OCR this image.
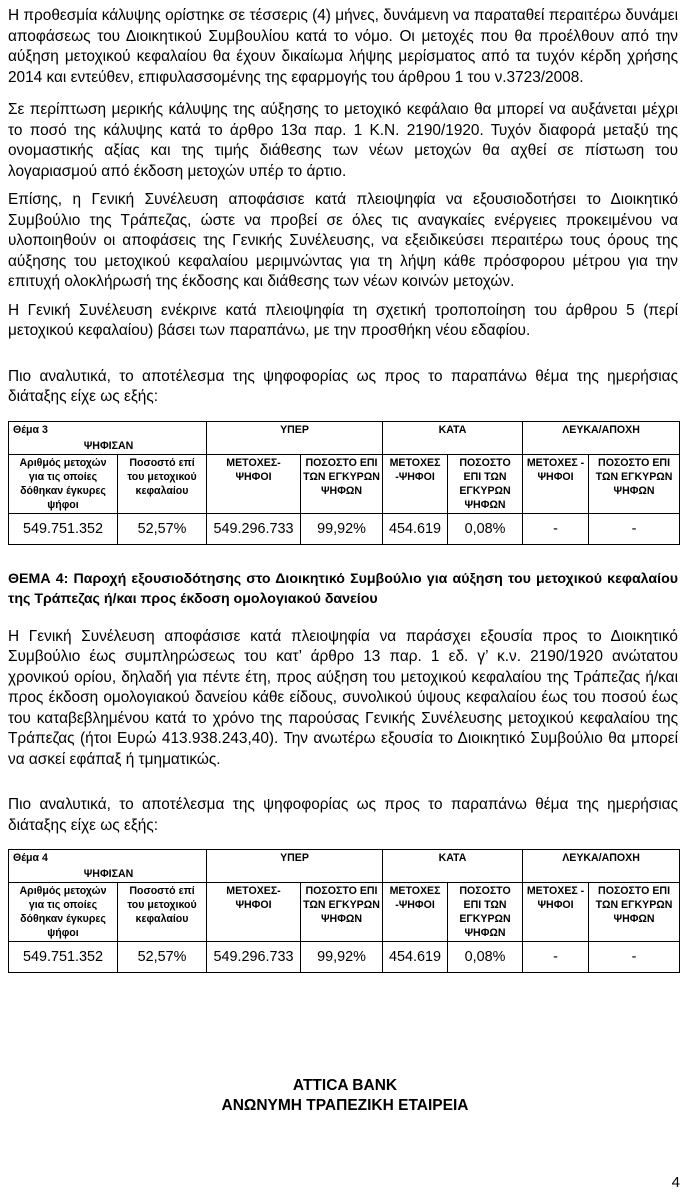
Η προθεσμία κάλυψης ορίστηκε σε τέσσερις (4) μήνες, δυνάμενη να παραταθεί περαιτέρω δυνάμει αποφάσεως του Διοικητικού Συμβουλίου κατά το νόμο. Οι μετοχές που θα προέλθουν από την αύξηση μετοχικού κεφαλαίου θα έχουν δικαίωμα λήψης μερίσματος από τα τυχόν κέρδη χρήσης 2014 και εντεύθεν, επιφυλασσομένης της εφαρμογής του άρθρου 1 του ν.3723/2008.

Σε περίπτωση μερικής κάλυψης της αύξησης το μετοχικό κεφάλαιο θα μπορεί να αυξάνεται μέχρι το ποσό της κάλυψης κατά το άρθρο 13α παρ. 1 Κ.Ν. 2190/1920. Τυχόν διαφορά μεταξύ της ονομαστικής αξίας και της τιμής διάθεσης των νέων μετοχών θα αχθεί σε πίστωση του λογαριασμού από έκδοση μετοχών υπέρ το άρτιο.

Επίσης, η Γενική Συνέλευση αποφάσισε κατά πλειοψηφία να εξουσιοδοτήσει το Διοικητικό Συμβούλιο της Τράπεζας, ώστε να προβεί σε όλες τις αναγκαίες ενέργειες προκειμένου να υλοποιηθούν οι αποφάσεις της Γενικής Συνέλευσης, να εξειδικεύσει περαιτέρω τους όρους της αύξησης του μετοχικού κεφαλαίου μεριμνώντας για τη λήψη κάθε πρόσφορου μέτρου για την επιτυχή ολοκλήρωσή της έκδοσης και διάθεσης των νέων κοινών μετοχών.

Η Γενική Συνέλευση ενέκρινε κατά πλειοψηφία τη σχετική τροποποίηση του άρθρου 5 (περί μετοχικού κεφαλαίου) βάσει των παραπάνω, με την προσθήκη νέου εδαφίου.

Πιο αναλυτικά, το αποτέλεσμα της ψηφοφορίας ως προς το παραπάνω θέμα της ημερήσιας διάταξης είχε ως εξής:

Θέμα 3
ΨΗΦΙΣΑΝ		ΥΠΕΡ		ΚΑΤΑ		ΛΕΥΚΑ/ΑΠΟΧΗ	
Αριθμός μετοχών για τις οποίες δόθηκαν έγκυρες ψήφοι	Ποσοστό επί του μετοχικού κεφαλαίου	ΜΕΤΟΧΕΣ-ΨΗΦΟΙ	ΠΟΣΟΣΤΟ ΕΠΙ ΤΩΝ ΕΓΚΥΡΩΝ ΨΗΦΩΝ	ΜΕΤΟΧΕΣ -ΨΗΦΟΙ	ΠΟΣΟΣΤΟ ΕΠΙ ΤΩΝ ΕΓΚΥΡΩΝ ΨΗΦΩΝ	ΜΕΤΟΧΕΣ - ΨΗΦΟΙ	ΠΟΣΟΣΤΟ ΕΠΙ ΤΩΝ ΕΓΚΥΡΩΝ ΨΗΦΩΝ
549.751.352	52,57%	549.296.733	99,92%	454.619	0,08%	-	-

ΘΕΜΑ 4: Παροχή εξουσιοδότησης στο Διοικητικό Συμβούλιο για αύξηση του μετοχικού κεφαλαίου της Τράπεζας ή/και προς έκδοση ομολογιακού δανείου

Η Γενική Συνέλευση αποφάσισε κατά πλειοψηφία να παράσχει εξουσία προς το Διοικητικό Συμβούλιο έως συμπληρώσεως του κατ’ άρθρο 13 παρ. 1 εδ. γ’ κ.ν. 2190/1920 ανώτατου χρονικού ορίου, δηλαδή για πέντε έτη, προς αύξηση του μετοχικού κεφαλαίου της Τράπεζας ή/και προς έκδοση ομολογιακού δανείου κάθε είδους, συνολικού ύψους κεφαλαίου έως του ποσού έως του καταβεβλημένου κατά το χρόνο της παρούσας Γενικής Συνέλευσης μετοχικού κεφαλαίου της Τράπεζας (ήτοι Ευρώ 413.938.243,40). Την ανωτέρω εξουσία το Διοικητικό Συμβούλιο θα μπορεί να ασκεί εφάπαξ ή τμηματικώς.

Πιο αναλυτικά, το αποτέλεσμα της ψηφοφορίας ως προς το παραπάνω θέμα της ημερήσιας διάταξης είχε ως εξής:

Θέμα 4
ΨΗΦΙΣΑΝ		ΥΠΕΡ		ΚΑΤΑ		ΛΕΥΚΑ/ΑΠΟΧΗ	
Αριθμός μετοχών για τις οποίες δόθηκαν έγκυρες ψήφοι	Ποσοστό επί του μετοχικού κεφαλαίου	ΜΕΤΟΧΕΣ-ΨΗΦΟΙ	ΠΟΣΟΣΤΟ ΕΠΙ ΤΩΝ ΕΓΚΥΡΩΝ ΨΗΦΩΝ	ΜΕΤΟΧΕΣ -ΨΗΦΟΙ	ΠΟΣΟΣΤΟ ΕΠΙ ΤΩΝ ΕΓΚΥΡΩΝ ΨΗΦΩΝ	ΜΕΤΟΧΕΣ - ΨΗΦΟΙ	ΠΟΣΟΣΤΟ ΕΠΙ ΤΩΝ ΕΓΚΥΡΩΝ ΨΗΦΩΝ
549.751.352	52,57%	549.296.733	99,92%	454.619	0,08%	-	-
ATTICA BANK
ΑΝΩΝΥΜΗ ΤΡΑΠΕΖΙΚΗ ΕΤΑΙΡΕΙΑ
4
